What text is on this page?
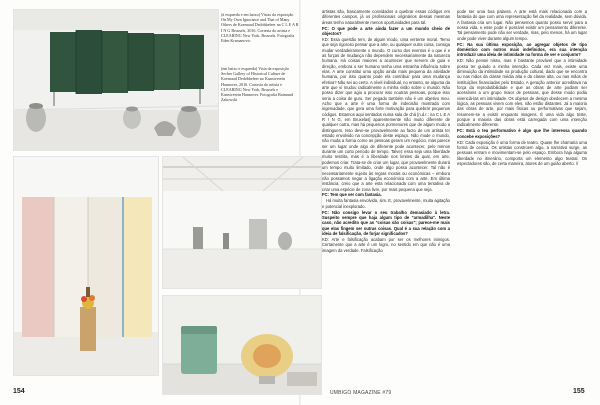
(à esquerda e em baixo) Vistas da exposição On My Own Ignorance and That of Many Others de Koenraad Dedobbeleer na C L E A R I N G Brussels, 2016. Cortesia do artista e CLEARING New York, Brussels. Fotografia Eden Krsmanovic
(em baixo e esquerda) Vista da exposição Secher Gallery of Historical Culture de Koenraad Dedobbeleer no Kunstverein Hannover, 2016. Cortesia do artista e CLEARING New York, Brussels e Kunstverein Hannover. Fotografia Raimund Zakowski

artistas são, basicamente convidados a quebrar essas códigos em diferentes campos, já os profissionais originários dessas mesmas áreas tenho naturalmente menos oportunidades para tal.

FC: O que pode a arte ainda fazer a um mundo cheio de objectos?

KD: Essa questão tem, de algum modo, uma vertente moral. Temo que seja rigoroso pensar que a arte, ou qualquer outra coisa, consiga mudar verdadeiramente o mundo. O curso dos eventos é o que é e as forças de mudança não dependem necessariamente da natureza humana. Há coisas maiores a acontecer que servem de guia e direção, embora o ser humano tenha uma estranha influência sobre elas. A arte constitui uma opção ainda mais pequena da atividade humana, por isso quanto pode ela contribuir para uma mudança efetiva? Não sei ao certo. A nível individual, no entanto, se alguma da arte que vi mudou radicalmente a minha visão sobre o mundo. Não posso dizer que agiu a procurar isso noutras pessoas, porque isso seria a coisa de guru. Ser pegado também não é um objetivo meu. Acho que a arte é uma forma de indecisão mostrada com ingenuidade, que gera uma forte motivação para quebrar pequenos códigos. Estamos aqui sentados numa sala de chá [n.d.r.: na C L E A R I N G, em Bruxelas] aparentemente não muito diferente de qualquer outra, mas há pequenos pormenores que de algum modo a distinguem. Isso deve-se provavelmente ao facto de um artista ter estado envolvido na concepção deste espaço. Não mude o mundo, não muda a forma como as pessoas geram um negócio, mas parece ser um lugar onde algo de diferente pode acontecer, pelo menos durante um curto período de tempo. Talvez essa seja uma liberdade muito restrita, mas é a liberdade nos limites da qual, em arte, podemos criar. Trata-se de criar um lugar, que provavelmente durará um tempo muito limitado, onde algo possa acontecer. Tal não é necessariamente sujeito às regras morais ou económicas – embora não possamos negar a ligação económica com a arte. Em última instância, creio que a arte esta relacionada com uma tentativa de criar uma espécie de zona livre, por mais pequena que seja.

FC: Tem que ver com fantasia.

Há muita fantasia envolvida, sim. E, provavelmente, muita agitação e potencial inexplorado.

FC: Não consigo levar o seu trabalho demasiado à letra. Suspeito sempre que haja algum tipo de "armadilha". Neste caso, não acredito que as "coisas são coisas"; parece-me mais que elas fingem ser outras coisas. Qual é a sua relação com a ideia de falsificação, de forjar significados?

KD: Arte e falsificação acabam por ser os melhores inimigos. Certamente que a arte é um logro, no sentido em que não é uma imagem da verdade. Falsificação

pode ser uma boa palavra. A arte está mais relacionada com a fantasia do que com uma representação fiel da realidade, sem dúvida. A fantasia cria um lugar. Não pensemos quanto posso servir para a nossa vida, e esse pode é possível existir um pensamento diferente. Tal pensamento pode não ser verdade, mas, pelo menos, há um lugar onde pode viver durante algum tempo.

FC: Na sua última exposição, ao agregar objetos de tipo doméstico com outros mais indefinidos, era sua intenção introduzir uma ideia de intimidade na forma de ver e conjunto?

KD: Não pensei nisso, mas é bastante provável que a intimidade possa ter guiado a minha intenção. Cada vez mais, existe uma diminuição da intimidade na produção cultural, dado que se encontra ou nas mãos da classe média alta e da classe alta, ou nas mãos de instituições financiadas pelo Estado. A geração anterior acreditava na força da reprodutibilidade e que as obras de arte podiam ser acessíveis a um grupo maior de pessoas, que desse modo podia vivenciá-las em intimidade. Os objetos de design obedecem a mesma lógica, as pessoas vivem com eles, não estão distantes. Já a maioria das obras de arte, por mais físicas ou performativas que sejam, resumem-se a existir enquanto imagens. É uma vida algo triste, porque a maioria das obras está carregada com uma intenção radicalmente diferente.

FC: Está o teu performativo é algo que lhe interessa quando concebe exposições?

KD: Cada exposição é uma forma de teatro. Quase lhe chamaria uma forma de cenica. Os artistas constroem algo, a narrativa surge, as pessoas entram e movimentam-se pelo espaço. Embora haja alguma liberdade no itinerário, comporta um elemento algo teatral. Os espectadores são, de certa maneira, atores de um guião aberto. //

154	UMBIGO MAGAZINE #79	155
